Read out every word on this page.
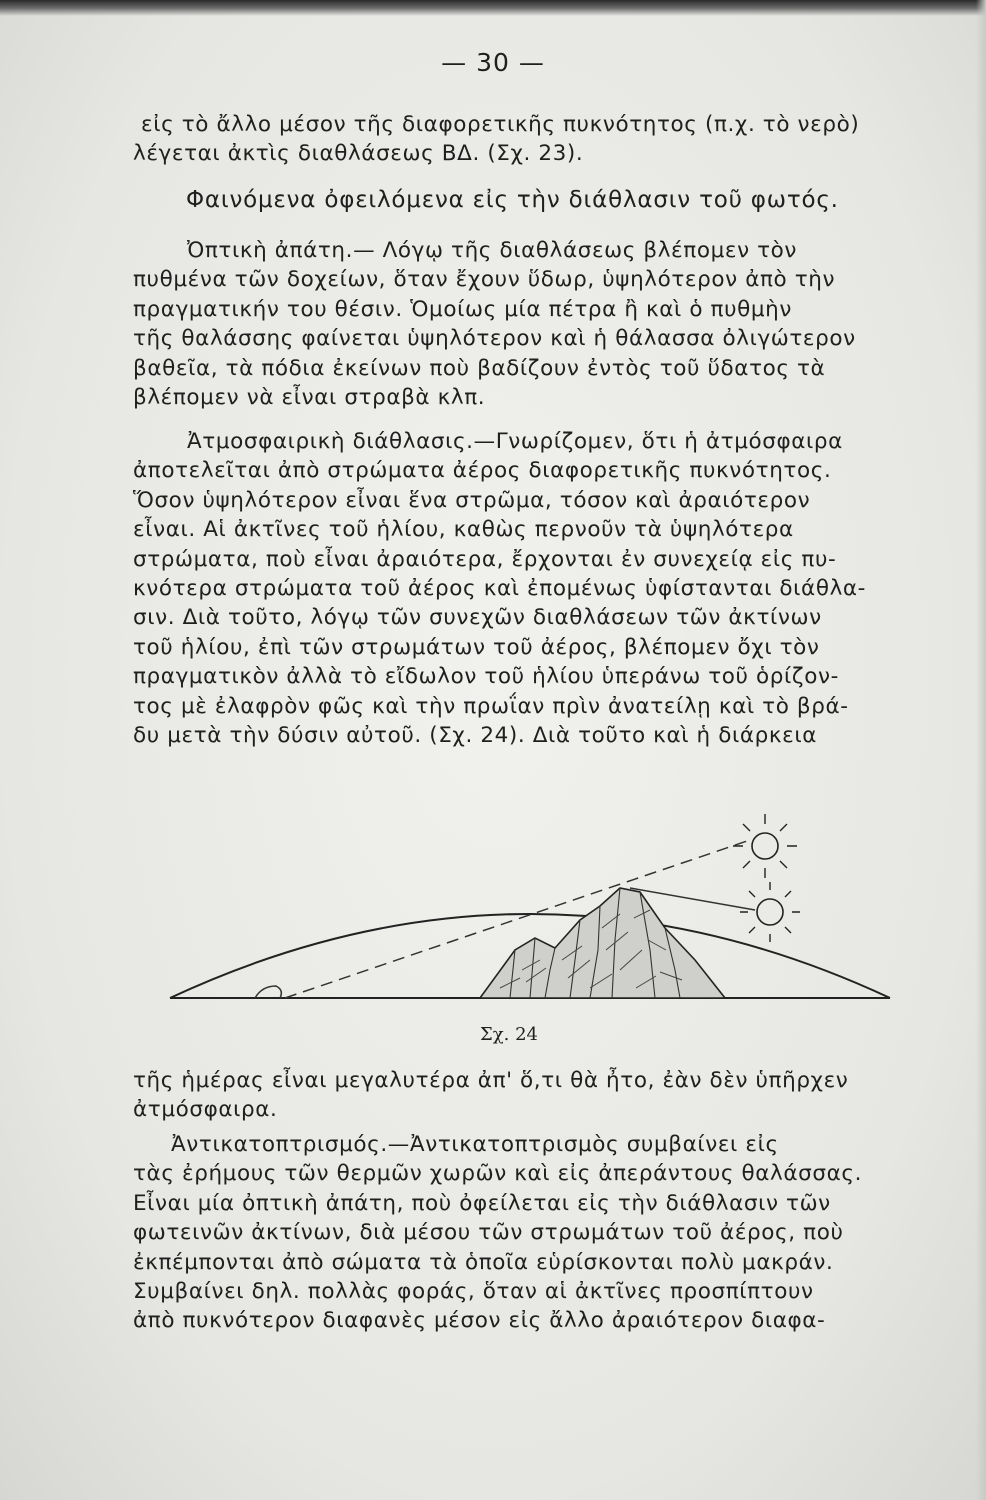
— 30 —
εἰς τὸ ἄλλο μέσον τῆς διαφορετικῆς πυκνότητος (π.χ. τὸ νερὸ)
λέγεται ἀκτὶς διαθλάσεως ΒΔ. (Σχ. 23).
Φαινόμενα ὀφειλόμενα εἰς τὴν διάθλασιν τοῦ φωτός.
Ὀπτικὴ ἀπάτη.— Λόγῳ τῆς διαθλάσεως βλέπομεν τὸν
πυθμένα τῶν δοχείων, ὅταν ἔχουν ὕδωρ, ὑψηλότερον ἀπὸ τὴν
πραγματικήν του θέσιν. Ὁμοίως μία πέτρα ἢ καὶ ὁ πυθμὴν
τῆς θαλάσσης φαίνεται ὑψηλότερον καὶ ἡ θάλασσα ὀλιγώτερον
βαθεῖα, τὰ πόδια ἐκείνων ποὺ βαδίζουν ἐντὸς τοῦ ὕδατος τὰ
βλέπομεν νὰ εἶναι στραβὰ κλπ.
Ἀτμοσφαιρικὴ διάθλασις.—Γνωρίζομεν, ὅτι ἡ ἀτμόσφαιρα
ἀποτελεῖται ἀπὸ στρώματα ἀέρος διαφορετικῆς πυκνότητος.
Ὅσον ὑψηλότερον εἶναι ἕνα στρῶμα, τόσον καὶ ἀραιότερον
εἶναι. Αἱ ἀκτῖνες τοῦ ἡλίου, καθὼς περνοῦν τὰ ὑψηλότερα
στρώματα, ποὺ εἶναι ἀραιότερα, ἔρχονται ἐν συνεχείᾳ εἰς πυ-
κνότερα στρώματα τοῦ ἀέρος καὶ ἐπομένως ὑφίστανται διάθλα-
σιν. Διὰ τοῦτο, λόγῳ τῶν συνεχῶν διαθλάσεων τῶν ἀκτίνων
τοῦ ἡλίου, ἐπὶ τῶν στρωμάτων τοῦ ἀέρος, βλέπομεν ὄχι τὸν
πραγματικὸν ἀλλὰ τὸ εἴδωλον τοῦ ἡλίου ὑπεράνω τοῦ ὁρίζον-
τος μὲ ἐλαφρὸν φῶς καὶ τὴν πρωΐαν πρὶν ἀνατείλῃ καὶ τὸ βρά-
δυ μετὰ τὴν δύσιν αὐτοῦ. (Σχ. 24). Διὰ τοῦτο καὶ ἡ διάρκεια
Σχ. 24
τῆς ἡμέρας εἶναι μεγαλυτέρα ἀπ' ὅ,τι θὰ ἦτο, ἐὰν δὲν ὑπῆρχεν
ἀτμόσφαιρα.
Ἀντικατοπτρισμός.—Ἀντικατοπτρισμὸς συμβαίνει εἰς
τὰς ἐρήμους τῶν θερμῶν χωρῶν καὶ εἰς ἀπεράντους θαλάσσας.
Εἶναι μία ὀπτικὴ ἀπάτη, ποὺ ὀφείλεται εἰς τὴν διάθλασιν τῶν
φωτεινῶν ἀκτίνων, διὰ μέσου τῶν στρωμάτων τοῦ ἀέρος, ποὺ
ἐκπέμπονται ἀπὸ σώματα τὰ ὁποῖα εὑρίσκονται πολὺ μακράν.
Συμβαίνει δηλ. πολλὰς φοράς, ὅταν αἱ ἀκτῖνες προσπίπτουν
ἀπὸ πυκνότερον διαφανὲς μέσον εἰς ἄλλο ἀραιότερον διαφα-
